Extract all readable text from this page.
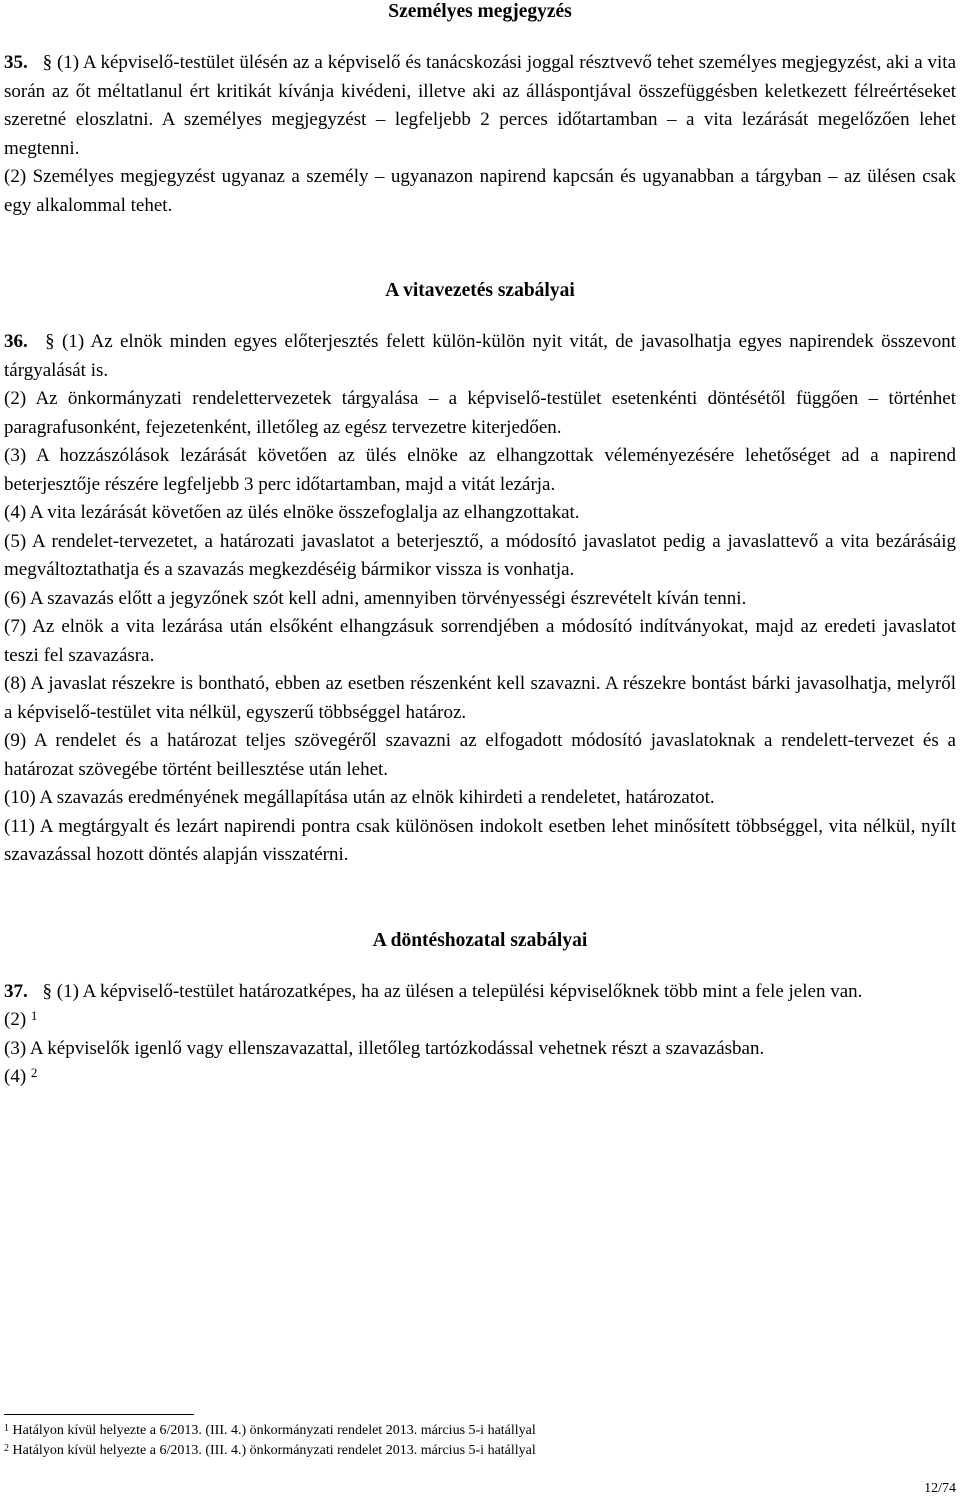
Személyes megjegyzés

35. § (1) A képviselő-testület ülésén az a képviselő és tanácskozási joggal résztvevő tehet személyes megjegyzést, aki a vita során az őt méltatlanul ért kritikát kívánja kivédeni, illetve aki az álláspontjával összefüggésben keletkezett félreértéseket szeretné eloszlatni. A személyes megjegyzést – legfeljebb 2 perces időtartamban – a vita lezárását megelőzően lehet megtenni.

(2) Személyes megjegyzést ugyanaz a személy – ugyanazon napirend kapcsán és ugyanabban a tárgyban – az ülésen csak egy alkalommal tehet.

A vitavezetés szabályai

36. § (1) Az elnök minden egyes előterjesztés felett külön-külön nyit vitát, de javasolhatja egyes napirendek összevont tárgyalását is.

(2) Az önkormányzati rendelettervezetek tárgyalása – a képviselő-testület esetenkénti döntésétől függően – történhet paragrafusonként, fejezetenként, illetőleg az egész tervezetre kiterjedően.

(3) A hozzászólások lezárását követően az ülés elnöke az elhangzottak véleményezésére lehetőséget ad a napirend beterjesztője részére legfeljebb 3 perc időtartamban, majd a vitát lezárja.

(4) A vita lezárását követően az ülés elnöke összefoglalja az elhangzottakat.

(5) A rendelet-tervezetet, a határozati javaslatot a beterjesztő, a módosító javaslatot pedig a javaslattevő a vita bezárásáig megváltoztathatja és a szavazás megkezdéséig bármikor vissza is vonhatja.

(6) A szavazás előtt a jegyzőnek szót kell adni, amennyiben törvényességi észrevételt kíván tenni.

(7) Az elnök a vita lezárása után elsőként elhangzásuk sorrendjében a módosító indítványokat, majd az eredeti javaslatot teszi fel szavazásra.

(8) A javaslat részekre is bontható, ebben az esetben részenként kell szavazni. A részekre bontást bárki javasolhatja, melyről a képviselő-testület vita nélkül, egyszerű többséggel határoz.

(9) A rendelet és a határozat teljes szövegéről szavazni az elfogadott módosító javaslatoknak a rendelett-tervezet és a határozat szövegébe történt beillesztése után lehet.

(10) A szavazás eredményének megállapítása után az elnök kihirdeti a rendeletet, határozatot.

(11) A megtárgyalt és lezárt napirendi pontra csak különösen indokolt esetben lehet minősített többséggel, vita nélkül, nyílt szavazással hozott döntés alapján visszatérni.

A döntéshozatal szabályai

37. § (1) A képviselő-testület határozatképes, ha az ülésen a települési képviselőknek több mint a fele jelen van.

(2) $^1$

(3) A képviselők igenlő vagy ellenszavazattal, illetőleg tartózkodással vehetnek részt a szavazásban.

(4) $^2$

$^1$ Hatályon kívül helyezte a 6/2013. (III. 4.) önkormányzati rendelet 2013. március 5-i hatállyal
$^2$ Hatályon kívül helyezte a 6/2013. (III. 4.) önkormányzati rendelet 2013. március 5-i hatállyal
12/74
